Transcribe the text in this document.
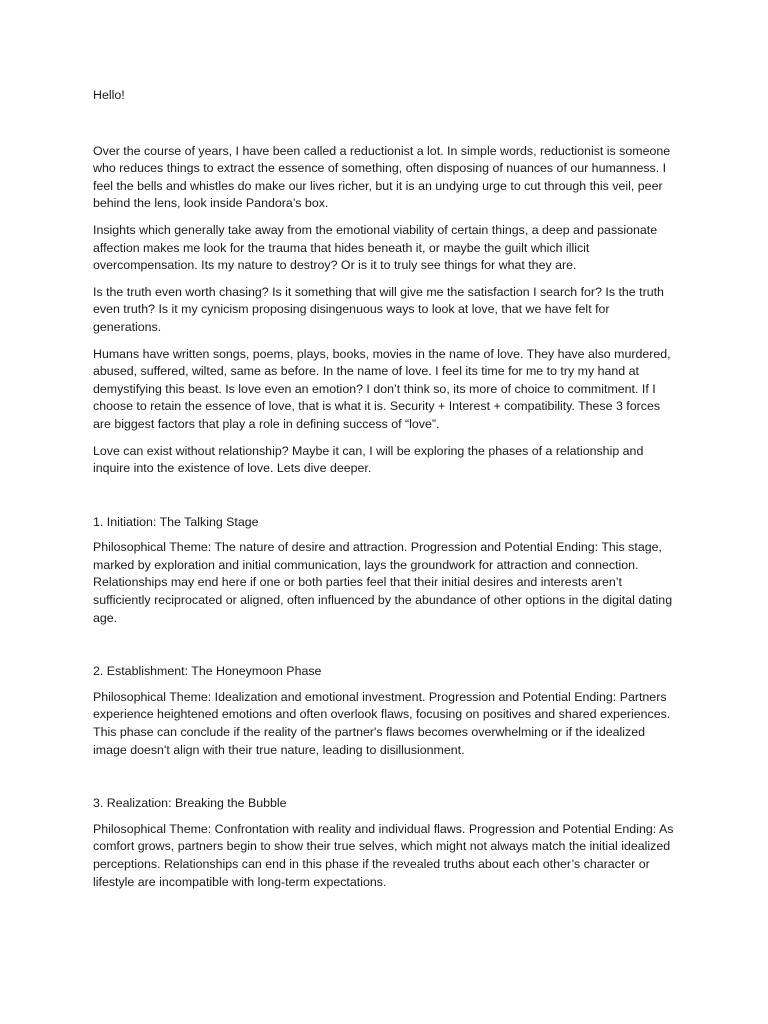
Hello!

Over the course of years, I have been called a reductionist a lot. In simple words, reductionist is someone who reduces things to extract the essence of something, often disposing of nuances of our humanness. I feel the bells and whistles do make our lives richer, but it is an undying urge to cut through this veil, peer behind the lens, look inside Pandora’s box.

Insights which generally take away from the emotional viability of certain things, a deep and passionate affection makes me look for the trauma that hides beneath it, or maybe the guilt which illicit overcompensation. Its my nature to destroy? Or is it to truly see things for what they are.

Is the truth even worth chasing? Is it something that will give me the satisfaction I search for? Is the truth even truth? Is it my cynicism proposing disingenuous ways to look at love, that we have felt for generations.

Humans have written songs, poems, plays, books, movies in the name of love. They have also murdered, abused, suffered, wilted, same as before. In the name of love. I feel its time for me to try my hand at demystifying this beast. Is love even an emotion? I don’t think so, its more of choice to commitment. If I choose to retain the essence of love, that is what it is. Security + Interest + compatibility. These 3 forces are biggest factors that play a role in defining success of “love”.

Love can exist without relationship? Maybe it can, I will be exploring the phases of a relationship and inquire into the existence of love. Lets dive deeper.

1. Initiation: The Talking Stage

Philosophical Theme: The nature of desire and attraction. Progression and Potential Ending: This stage, marked by exploration and initial communication, lays the groundwork for attraction and connection. Relationships may end here if one or both parties feel that their initial desires and interests aren’t sufficiently reciprocated or aligned, often influenced by the abundance of other options in the digital dating age.

2. Establishment: The Honeymoon Phase

Philosophical Theme: Idealization and emotional investment. Progression and Potential Ending: Partners experience heightened emotions and often overlook flaws, focusing on positives and shared experiences. This phase can conclude if the reality of the partner's flaws becomes overwhelming or if the idealized image doesn't align with their true nature, leading to disillusionment.

3. Realization: Breaking the Bubble

Philosophical Theme: Confrontation with reality and individual flaws. Progression and Potential Ending: As comfort grows, partners begin to show their true selves, which might not always match the initial idealized perceptions. Relationships can end in this phase if the revealed truths about each other’s character or lifestyle are incompatible with long-term expectations.
